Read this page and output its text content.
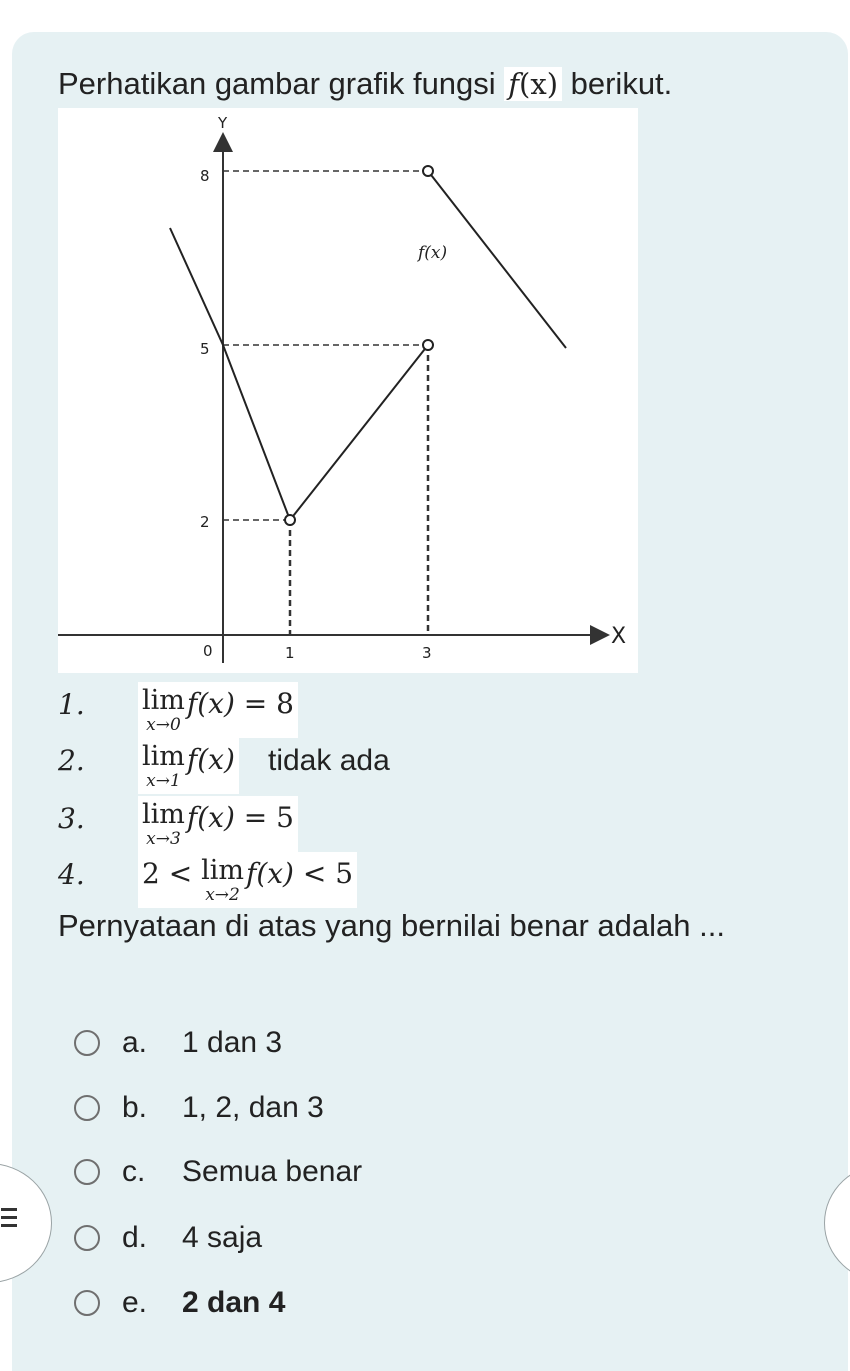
Perhatikan gambar grafik fungsi f(x) berikut.
Y
X
8
5
2
0	1	3
f(x)
1.	lim
x→0
f(x) = 8
2.	lim
x→1
f(x) tidak ada
3.	lim
x→3
f(x) = 5
4.	2 < lim
x→2
f(x) < 5
Pernyataan di atas yang bernilai benar adalah ...
a.	1 dan 3
b.	1, 2, dan 3
c.	Semua benar
d.	4 saja
e.	2 dan 4
